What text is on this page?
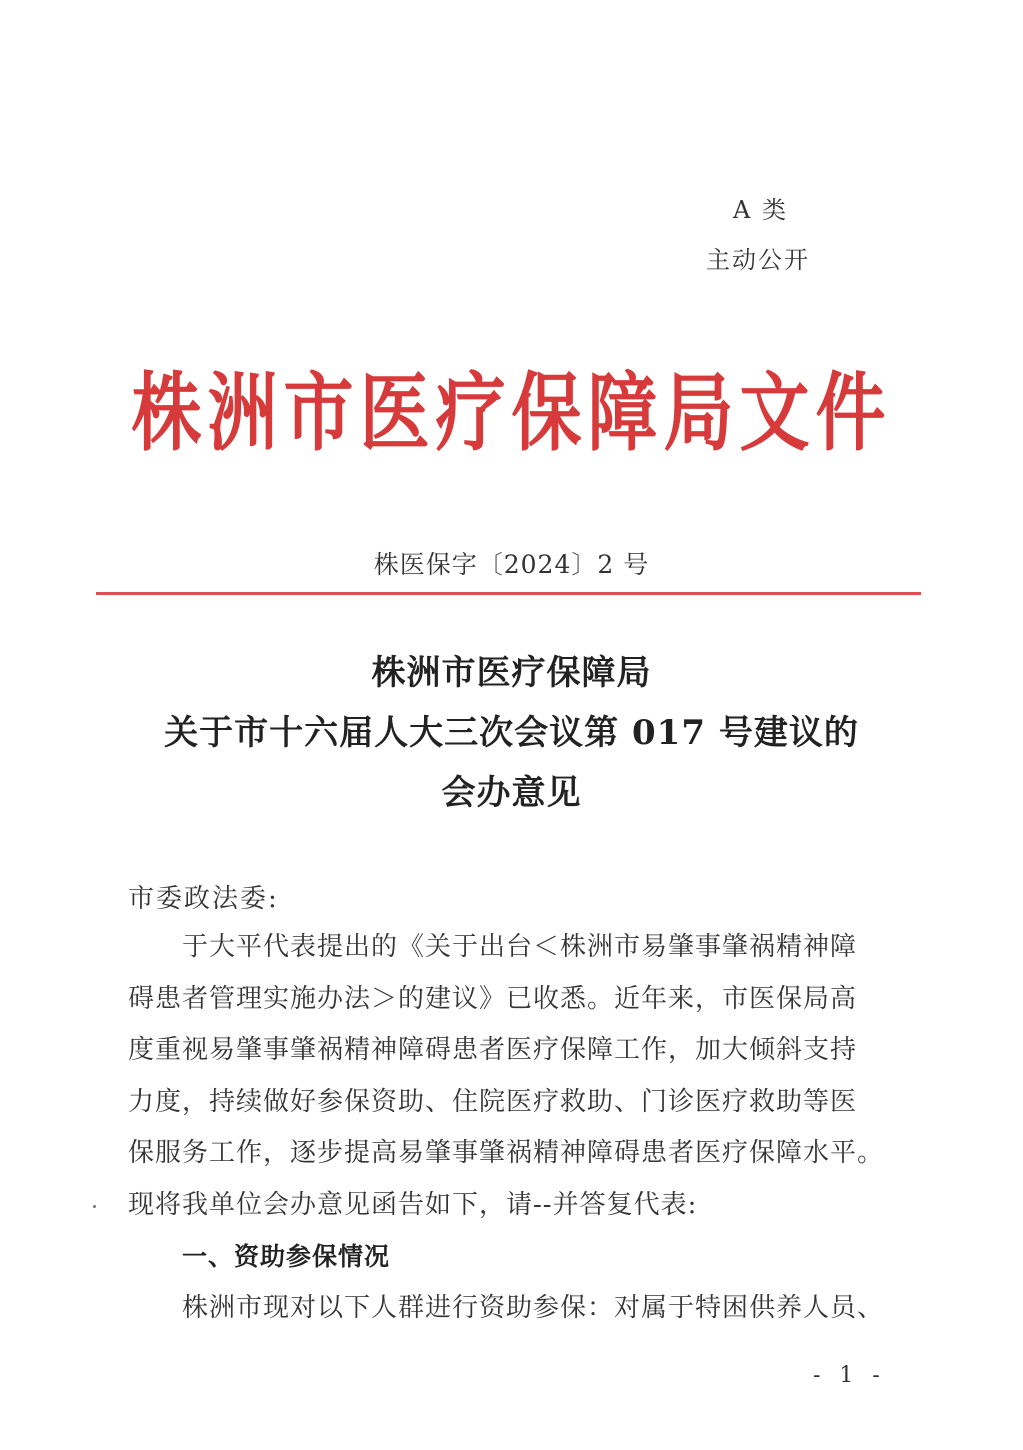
A 类
主动公开
株洲市医疗保障局文件
株医保字〔2024〕2 号
株洲市医疗保障局
关于市十六届人大三次会议第 017 号建议的
会办意见
市委政法委:
于大平代表提出的《关于出台＜株洲市易肇事肇祸精神障
碍患者管理实施办法＞的建议》已收悉。近年来，市医保局高
度重视易肇事肇祸精神障碍患者医疗保障工作，加大倾斜支持
力度，持续做好参保资助、住院医疗救助、门诊医疗救助等医
保服务工作，逐步提高易肇事肇祸精神障碍患者医疗保障水平。
现将我单位会办意见函告如下，请--并答复代表:
一、资助参保情况
株洲市现对以下人群进行资助参保：对属于特困供养人员、
- 1 -
